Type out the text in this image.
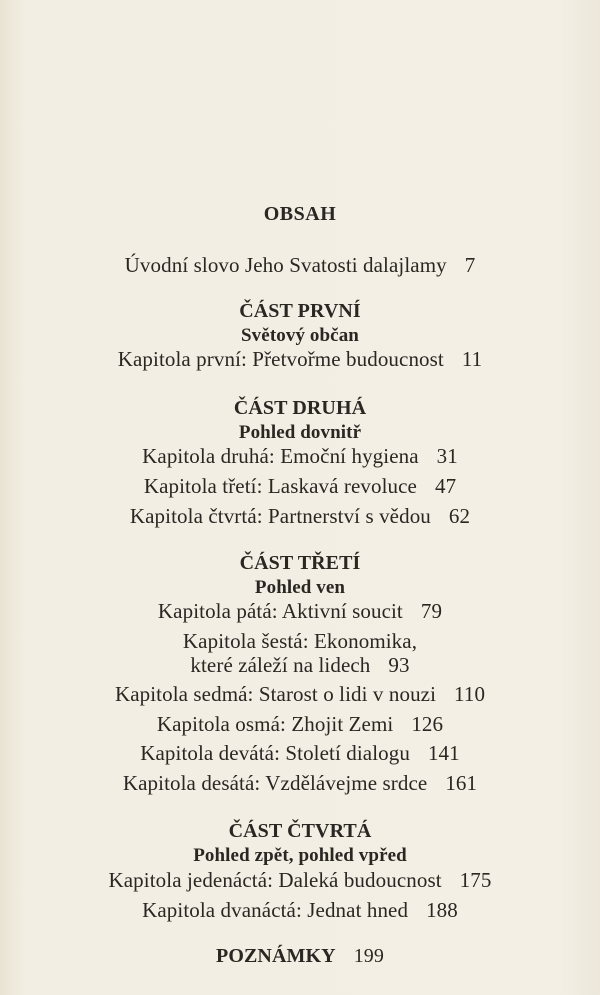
OBSAH
Úvodní slovo Jeho Svatosti dalajlamy 7
ČÁST PRVNÍ
Světový občan
Kapitola první: Přetvořme budoucnost 11
ČÁST DRUHÁ
Pohled dovnitř
Kapitola druhá: Emoční hygiena 31
Kapitola třetí: Laskavá revoluce 47
Kapitola čtvrtá: Partnerství s vědou 62
ČÁST TŘETÍ
Pohled ven
Kapitola pátá: Aktivní soucit 79
Kapitola šestá: Ekonomika,
které záleží na lidech 93
Kapitola sedmá: Starost o lidi v nouzi 110
Kapitola osmá: Zhojit Zemi 126
Kapitola devátá: Století dialogu 141
Kapitola desátá: Vzdělávejme srdce 161
ČÁST ČTVRTÁ
Pohled zpět, pohled vpřed
Kapitola jedenáctá: Daleká budoucnost 175
Kapitola dvanáctá: Jednat hned 188
POZNÁMKY 199
